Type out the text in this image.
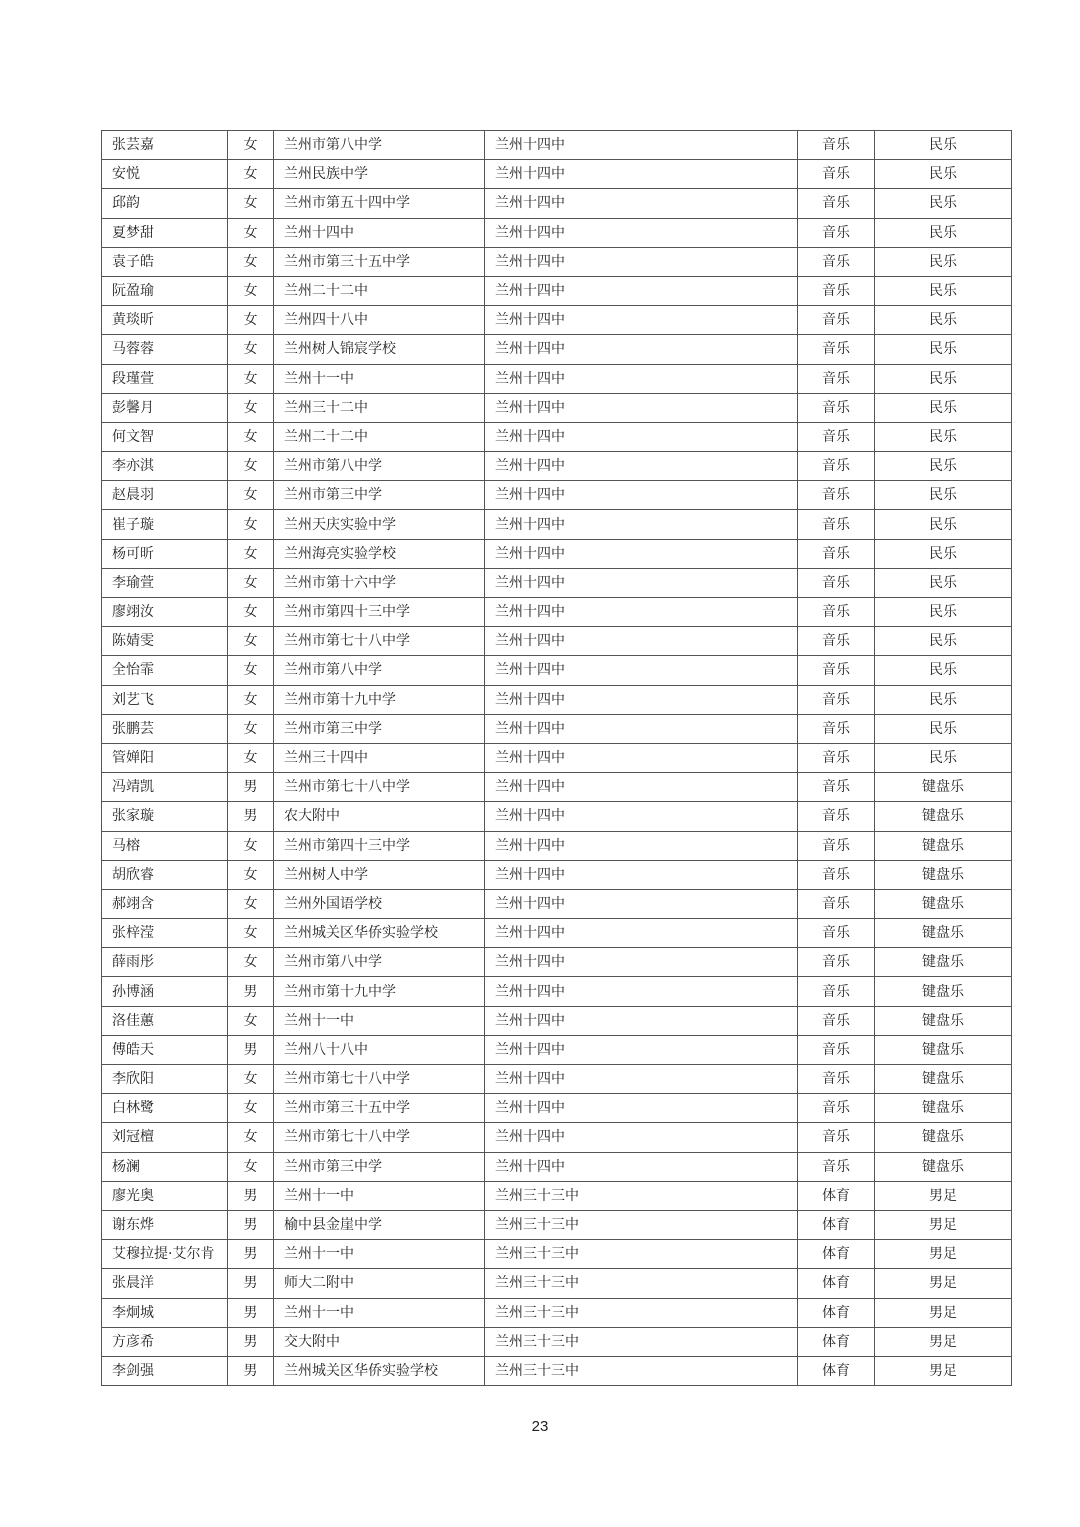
张芸嘉	女	兰州市第八中学	兰州十四中	音乐	民乐
安悦	女	兰州民族中学	兰州十四中	音乐	民乐
邱韵	女	兰州市第五十四中学	兰州十四中	音乐	民乐
夏梦甜	女	兰州十四中	兰州十四中	音乐	民乐
袁子皓	女	兰州市第三十五中学	兰州十四中	音乐	民乐
阮盈瑜	女	兰州二十二中	兰州十四中	音乐	民乐
黄琰昕	女	兰州四十八中	兰州十四中	音乐	民乐
马蓉蓉	女	兰州树人锦宸学校	兰州十四中	音乐	民乐
段瑾萱	女	兰州十一中	兰州十四中	音乐	民乐
彭馨月	女	兰州三十二中	兰州十四中	音乐	民乐
何文智	女	兰州二十二中	兰州十四中	音乐	民乐
李亦淇	女	兰州市第八中学	兰州十四中	音乐	民乐
赵晨羽	女	兰州市第三中学	兰州十四中	音乐	民乐
崔子璇	女	兰州天庆实验中学	兰州十四中	音乐	民乐
杨可昕	女	兰州海亮实验学校	兰州十四中	音乐	民乐
李瑜萱	女	兰州市第十六中学	兰州十四中	音乐	民乐
廖翊汝	女	兰州市第四十三中学	兰州十四中	音乐	民乐
陈婧雯	女	兰州市第七十八中学	兰州十四中	音乐	民乐
全怡霏	女	兰州市第八中学	兰州十四中	音乐	民乐
刘艺飞	女	兰州市第十九中学	兰州十四中	音乐	民乐
张鹏芸	女	兰州市第三中学	兰州十四中	音乐	民乐
管婵阳	女	兰州三十四中	兰州十四中	音乐	民乐
冯靖凯	男	兰州市第七十八中学	兰州十四中	音乐	键盘乐
张家璇	男	农大附中	兰州十四中	音乐	键盘乐
马榕	女	兰州市第四十三中学	兰州十四中	音乐	键盘乐
胡欣睿	女	兰州树人中学	兰州十四中	音乐	键盘乐
郝翊含	女	兰州外国语学校	兰州十四中	音乐	键盘乐
张梓滢	女	兰州城关区华侨实验学校	兰州十四中	音乐	键盘乐
薛雨彤	女	兰州市第八中学	兰州十四中	音乐	键盘乐
孙博涵	男	兰州市第十九中学	兰州十四中	音乐	键盘乐
洛佳蕙	女	兰州十一中	兰州十四中	音乐	键盘乐
傅皓天	男	兰州八十八中	兰州十四中	音乐	键盘乐
李欣阳	女	兰州市第七十八中学	兰州十四中	音乐	键盘乐
白林鹭	女	兰州市第三十五中学	兰州十四中	音乐	键盘乐
刘冠檀	女	兰州市第七十八中学	兰州十四中	音乐	键盘乐
杨澜	女	兰州市第三中学	兰州十四中	音乐	键盘乐
廖光奥	男	兰州十一中	兰州三十三中	体育	男足
谢东烨	男	榆中县金崖中学	兰州三十三中	体育	男足
艾穆拉提·艾尔肯	男	兰州十一中	兰州三十三中	体育	男足
张晨洋	男	师大二附中	兰州三十三中	体育	男足
李炯城	男	兰州十一中	兰州三十三中	体育	男足
方彦希	男	交大附中	兰州三十三中	体育	男足
李剑强	男	兰州城关区华侨实验学校	兰州三十三中	体育	男足
23
